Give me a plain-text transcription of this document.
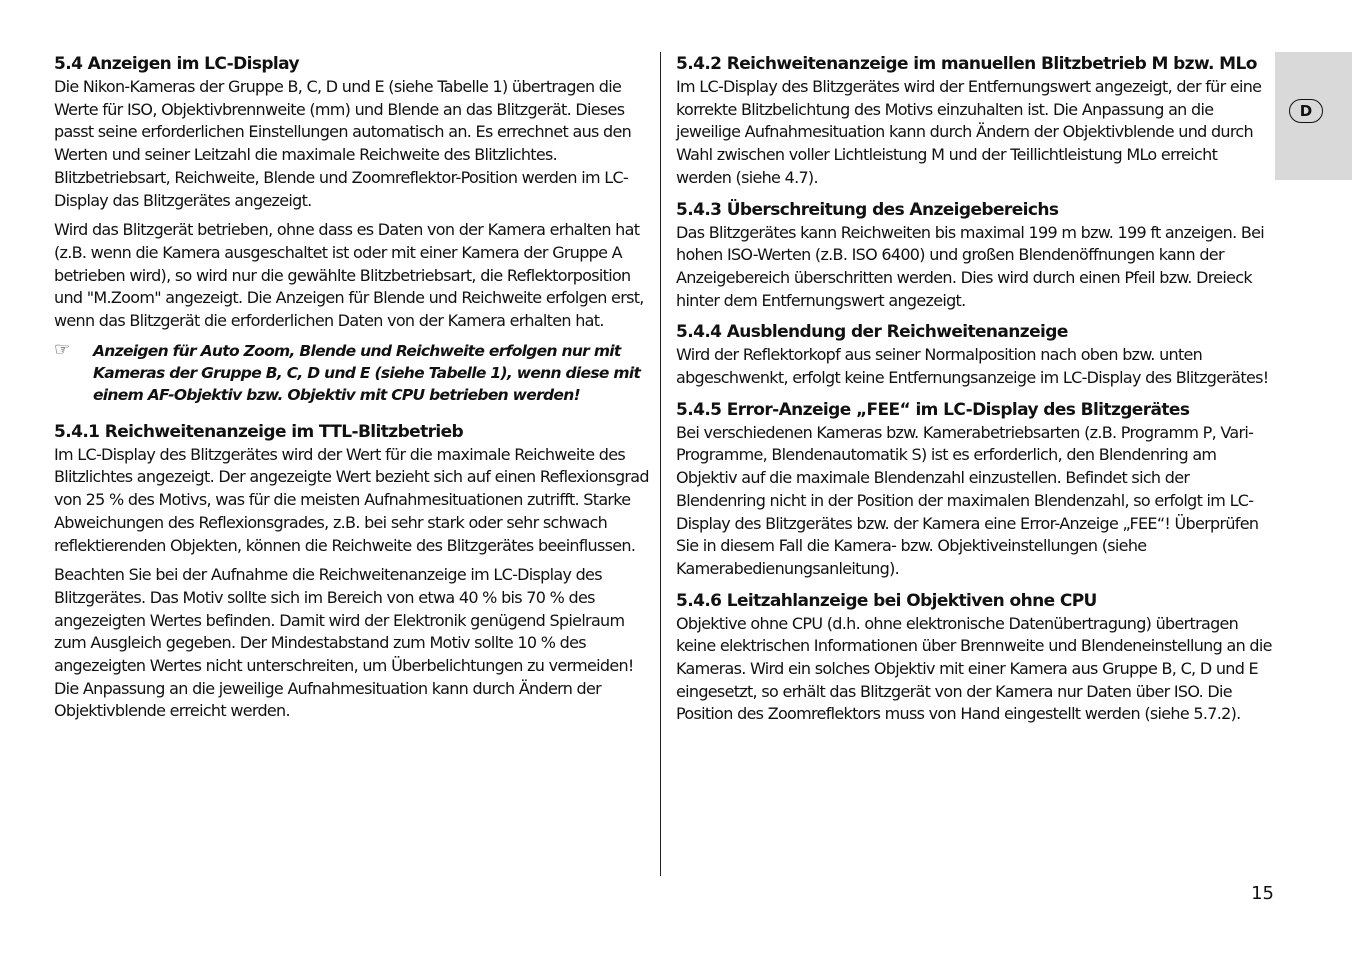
5.4 Anzeigen im LC-Display

Die Nikon-Kameras der Gruppe B, C, D und E (siehe Tabelle 1) übertragen die Werte für ISO, Objektivbrennweite (mm) und Blende an das Blitzgerät. Dieses passt seine erforderlichen Einstellungen automatisch an. Es errechnet aus den Werten und seiner Leitzahl die maximale Reichweite des Blitzlichtes. Blitzbetriebsart, Reichweite, Blende und Zoomreflektor-Position werden im LC-Display das Blitzgerätes angezeigt.

Wird das Blitzgerät betrieben, ohne dass es Daten von der Kamera erhalten hat (z.B. wenn die Kamera ausgeschaltet ist oder mit einer Kamera der Gruppe A betrieben wird), so wird nur die gewählte Blitzbetriebsart, die Reflektorposition und "M.Zoom" angezeigt. Die Anzeigen für Blende und Reichweite erfolgen erst, wenn das Blitzgerät die erforderlichen Daten von der Kamera erhalten hat.

☞ Anzeigen für Auto Zoom, Blende und Reichweite erfolgen nur mit Kameras der Gruppe B, C, D und E (siehe Tabelle 1), wenn diese mit einem AF-Objektiv bzw. Objektiv mit CPU betrieben werden!
5.4.1 Reichweitenanzeige im TTL-Blitzbetrieb

Im LC-Display des Blitzgerätes wird der Wert für die maximale Reichweite des Blitzlichtes angezeigt. Der angezeigte Wert bezieht sich auf einen Reflexionsgrad von 25 % des Motivs, was für die meisten Aufnahmesituationen zutrifft. Starke Abweichungen des Reflexionsgrades, z.B. bei sehr stark oder sehr schwach reflektierenden Objekten, können die Reichweite des Blitzgerätes beeinflussen.

Beachten Sie bei der Aufnahme die Reichweitenanzeige im LC-Display des Blitzgerätes. Das Motiv sollte sich im Bereich von etwa 40 % bis 70 % des angezeigten Wertes befinden. Damit wird der Elektronik genügend Spielraum zum Ausgleich gegeben. Der Mindestabstand zum Motiv sollte 10 % des angezeigten Wertes nicht unterschreiten, um Überbelichtungen zu vermeiden! Die Anpassung an die jeweilige Aufnahmesituation kann durch Ändern der Objektivblende erreicht werden.

5.4.2 Reichweitenanzeige im manuellen Blitzbetrieb M bzw. MLo

Im LC-Display des Blitzgerätes wird der Entfernungswert angezeigt, der für eine korrekte Blitzbelichtung des Motivs einzuhalten ist. Die Anpassung an die jeweilige Aufnahmesituation kann durch Ändern der Objektivblende und durch Wahl zwischen voller Lichtleistung M und der Teillichtleistung MLo erreicht werden (siehe 4.7).

5.4.3 Überschreitung des Anzeigebereichs

Das Blitzgerätes kann Reichweiten bis maximal 199 m bzw. 199 ft anzeigen. Bei hohen ISO-Werten (z.B. ISO 6400) und großen Blendenöffnungen kann der Anzeigebereich überschritten werden. Dies wird durch einen Pfeil bzw. Dreieck hinter dem Entfernungswert angezeigt.

5.4.4 Ausblendung der Reichweitenanzeige

Wird der Reflektorkopf aus seiner Normalposition nach oben bzw. unten abgeschwenkt, erfolgt keine Entfernungsanzeige im LC-Display des Blitzgerätes!

5.4.5 Error-Anzeige „FEE“ im LC-Display des Blitzgerätes

Bei verschiedenen Kameras bzw. Kamerabetriebsarten (z.B. Programm P, Vari-Programme, Blendenautomatik S) ist es erforderlich, den Blendenring am Objektiv auf die maximale Blendenzahl einzustellen. Befindet sich der Blendenring nicht in der Position der maximalen Blendenzahl, so erfolgt im LC-Display des Blitzgerätes bzw. der Kamera eine Error-Anzeige „FEE“! Überprüfen Sie in diesem Fall die Kamera- bzw. Objektiveinstellungen (siehe Kamerabedienungsanleitung).

5.4.6 Leitzahlanzeige bei Objektiven ohne CPU

Objektive ohne CPU (d.h. ohne elektronische Datenübertragung) übertragen keine elektrischen Informationen über Brennweite und Blendeneinstellung an die Kameras. Wird ein solches Objektiv mit einer Kamera aus Gruppe B, C, D und E eingesetzt, so erhält das Blitzgerät von der Kamera nur Daten über ISO. Die Position des Zoomreflektors muss von Hand eingestellt werden (siehe 5.7.2).

D
15
